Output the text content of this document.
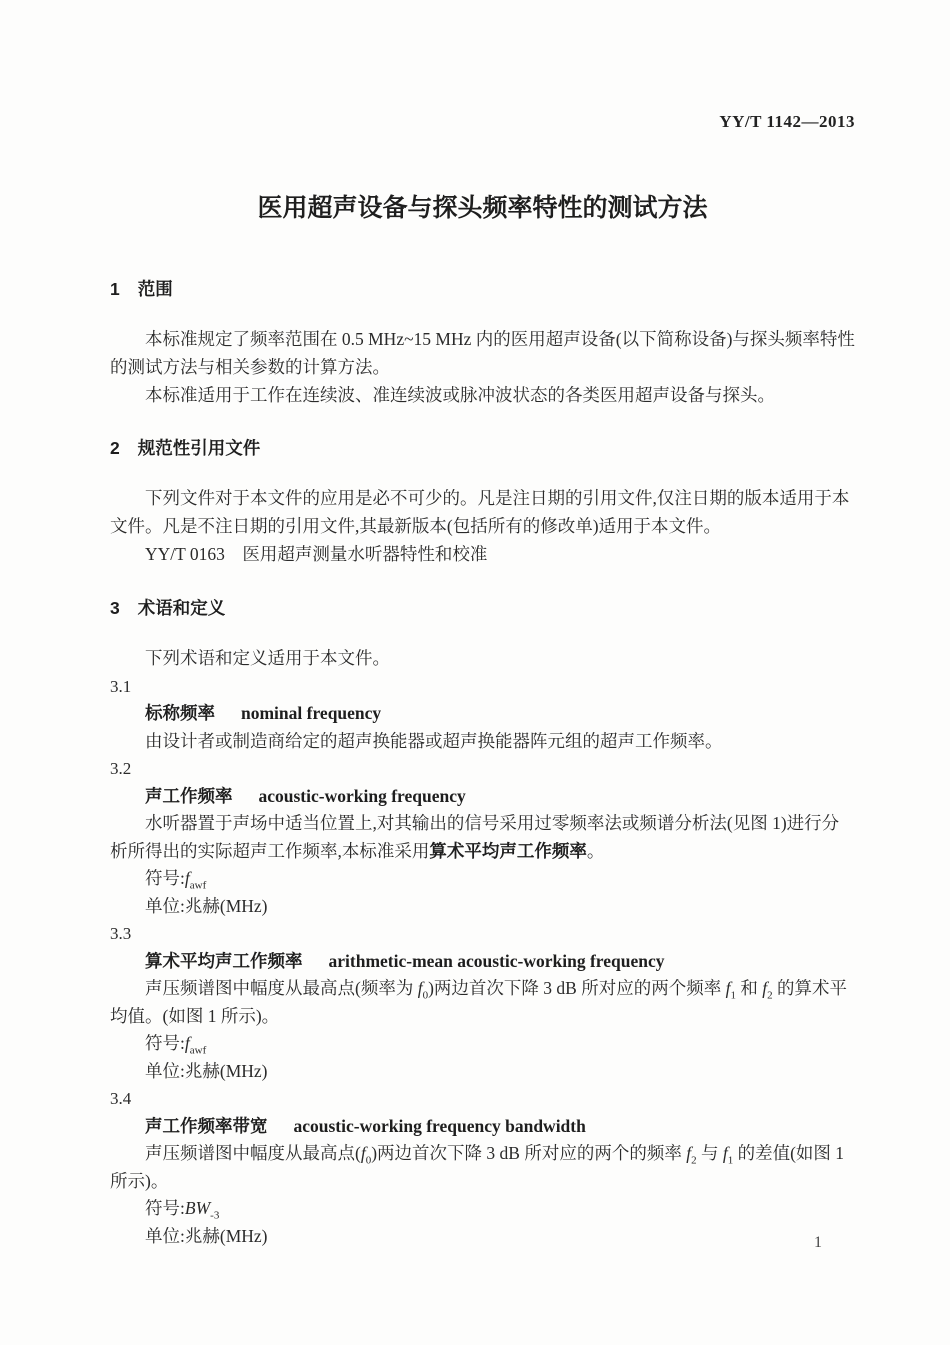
YY/T 1142—2013
医用超声设备与探头频率特性的测试方法
1 范围

本标准规定了频率范围在 0.5 MHz~15 MHz 内的医用超声设备(以下简称设备)与探头频率特性的测试方法与相关参数的计算方法。

本标准适用于工作在连续波、准连续波或脉冲波状态的各类医用超声设备与探头。

2 规范性引用文件

下列文件对于本文件的应用是必不可少的。凡是注日期的引用文件,仅注日期的版本适用于本文件。凡是不注日期的引用文件,其最新版本(包括所有的修改单)适用于本文件。

YY/T 0163　医用超声测量水听器特性和校准

3 术语和定义

下列术语和定义适用于本文件。

3.1
标称频率 nominal frequency

由设计者或制造商给定的超声换能器或超声换能器阵元组的超声工作频率。

3.2
声工作频率 acoustic-working frequency

水听器置于声场中适当位置上,对其输出的信号采用过零频率法或频谱分析法(见图 1)进行分析所得出的实际超声工作频率,本标准采用算术平均声工作频率。

符号$:f_{awf}$
单位:兆赫(MHz)
3.3
算术平均声工作频率 arithmetic-mean acoustic-working frequency

声压频谱图中幅度从最高点(频率为 $f_0$)两边首次下降 3 dB 所对应的两个频率 $f_1$ 和 $f_2$ 的算术平均值。(如图 1 所示)。

符号$:f_{awf}$
单位:兆赫(MHz)
3.4
声工作频率带宽 acoustic-working frequency bandwidth

声压频谱图中幅度从最高点$(f_0)$两边首次下降 3 dB 所对应的两个的频率 $f_2$ 与 $f_1$ 的差值(如图 1 所示)。

符号$:BW_{-3}$
单位:兆赫(MHz)	1
